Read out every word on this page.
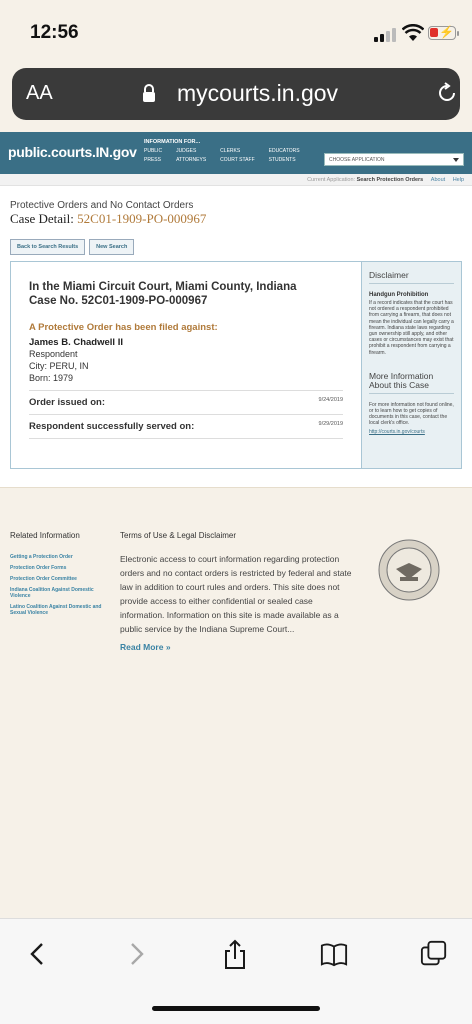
12:56	⚡
AA	mycourts.in.gov
public.courts.IN.gov
INFORMATION FOR...
PUBLIC
PRESS
JUDGES
ATTORNEYS
CLERKS
COURT STAFF
EDUCATORS
STUDENTS	CHOOSE APPLICATION
Current Application: Search Protection Orders About Help
Protective Orders and No Contact Orders
Case Detail: 52C01-1909-PO-000967
Back to Search Results	New Search
In the Miami Circuit Court, Miami County, Indiana
Case No. 52C01-1909-PO-000967
A Protective Order has been filed against:
James B. Chadwell II
Respondent
City: PERU, IN
Born: 1979
Order issued on:	9/24/2019
Respondent successfully served on:	9/29/2019
Disclaimer
Handgun Prohibition

If a record indicates that the court has not ordered a respondent prohibited from carrying a firearm, that does not mean the individual can legally carry a firearm. Indiana state laws regarding gun ownership still apply, and other cases or circumstances may exist that prohibit a respondent from carrying a firearm.

More Information About this Case

For more information not found online, or to learn how to get copies of documents in this case, contact the local clerk's office.

http://courts.in.gov/courts

Related Information
Getting a Protection Order
Protection Order Forms
Protection Order Committee
Indiana Coalition Against Domestic Violence
Latino Coalition Against Domestic and Sexual Violence
Terms of Use & Legal Disclaimer

Electronic access to court information regarding protection orders and no contact orders is restricted by federal and state law in addition to court rules and orders. This site does not provide access to either confidential or sealed case information. Information on this site is made available as a public service by the Indiana Supreme Court...

Read More »
